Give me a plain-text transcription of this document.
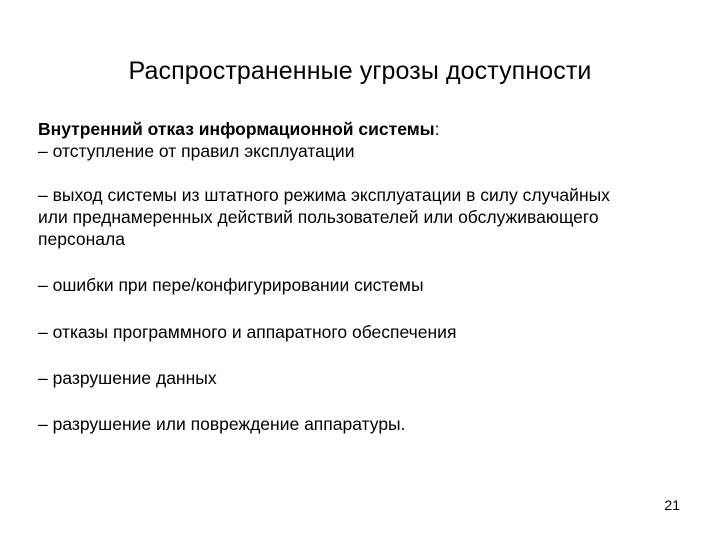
Распространенные угрозы доступности
Внутренний отказ информационной системы:
– отступление от правил эксплуатации
– выход системы из штатного режима эксплуатации в силу случайных
или преднамеренных действий пользователей или обслуживающего
персонала
– ошибки при пере/конфигурировании системы
– отказы программного и аппаратного обеспечения
– разрушение данных
– разрушение или повреждение аппаратуры.
21
